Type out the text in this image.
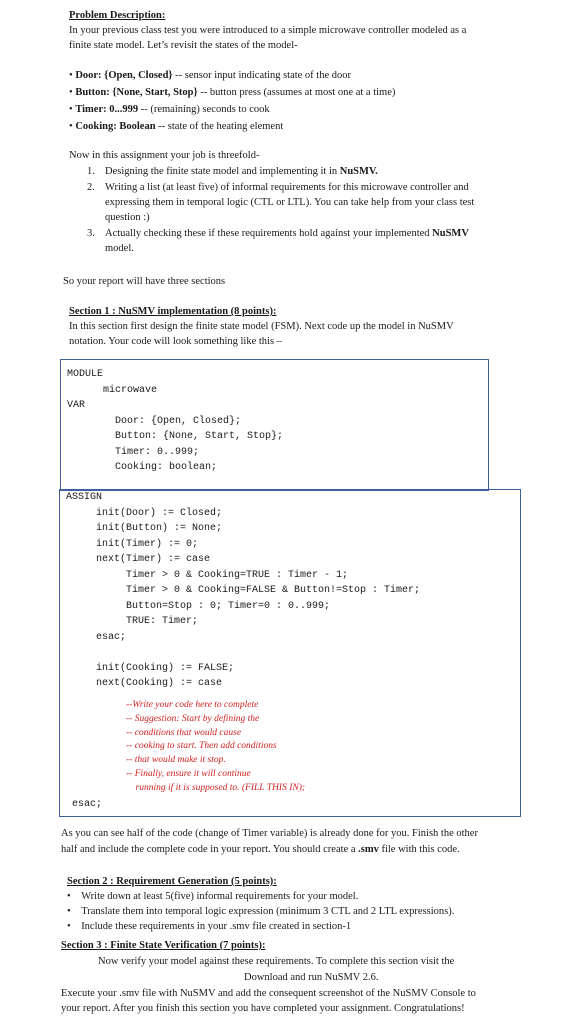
Problem Description:
In your previous class test you were introduced to a simple microwave controller modeled as a
finite state model. Let’s revisit the states of the model-
• Door: {Open, Closed} -- sensor input indicating state of the door
• Button: {None, Start, Stop} -- button press (assumes at most one at a time)
• Timer: 0...999 -- (remaining) seconds to cook
• Cooking: Boolean -- state of the heating element
Now in this assignment your job is threefold-
1. Designing the finite state model and implementing it in NuSMV.
2. Writing a list (at least five) of informal requirements for this microwave controller and
expressing them in temporal logic (CTL or LTL). You can take help from your class test
question :)
3. Actually checking these if these requirements hold against your implemented NuSMV
model.
So your report will have three sections
Section 1 : NuSMV implementation (8 points):
In this section first design the finite state model (FSM). Next code up the model in NuSMV
notation. Your code will look something like this –
MODULE
microwave
VAR
Door: {Open, Closed};
Button: {None, Start, Stop};
Timer: 0..999;
Cooking: boolean;
ASSIGN
init(Door) := Closed;
init(Button) := None;
init(Timer) := 0;
next(Timer) := case
Timer > 0 & Cooking=TRUE : Timer - 1;
Timer > 0 & Cooking=FALSE & Button!=Stop : Timer;
Button=Stop : 0; Timer=0 : 0..999;
TRUE: Timer;
esac;

init(Cooking) := FALSE;
next(Cooking) := case
--Write your code here to complete
-- Suggestion: Start by defining the
-- conditions that would cause
-- cooking to start. Then add conditions
-- that would make it stop.
-- Finally, ensure it will continue
running if it is supposed to. (FILL THIS IN);
esac;
As you can see half of the code (change of Timer variable) is already done for you. Finish the other
half and include the complete code in your report. You should create a .smv file with this code.
Section 2 : Requirement Generation (5 points):
•    Write down at least 5(five) informal requirements for your model.
•    Translate them into temporal logic expression (minimum 3 CTL and 2 LTL expressions).
•    Include these requirements in your .smv file created in section-1
Section 3 : Finite State Verification (7 points):
Now verify your model against these requirements. To complete this section visit the
Download and run NuSMV 2.6.
Execute your .smv file with NuSMV and add the consequent screenshot of the NuSMV Console to
your report. After you finish this section you have completed your assignment. Congratulations!
